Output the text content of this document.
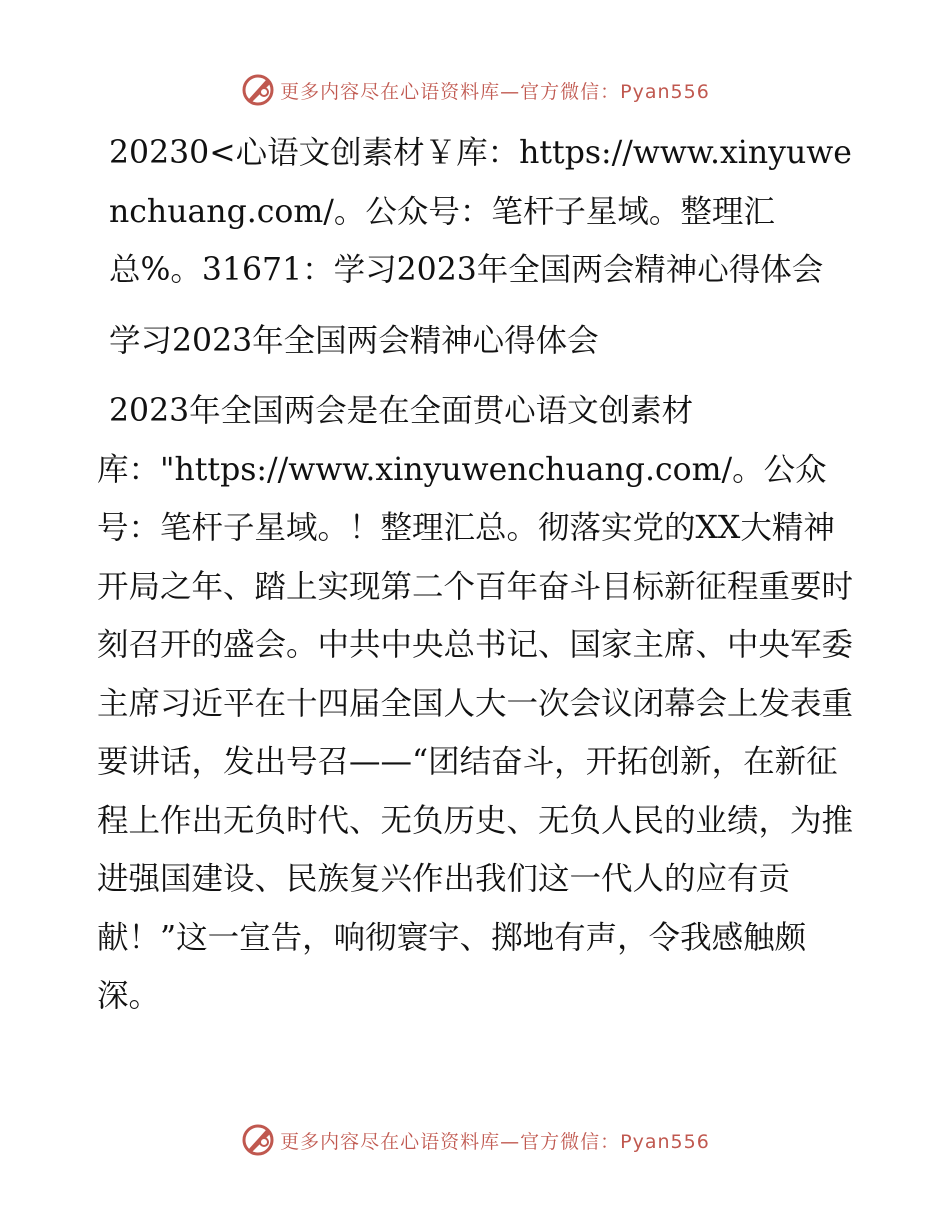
更多内容尽在心语资料库—官方微信：Pyan556

20230<心语文创素材￥库：https://www.xinyuwenchuang.com/。公众号：笔杆子星域。整理汇总%。31671：学习2023年全国两会精神心得体会

学习2023年全国两会精神心得体会

2023年全国两会是在全面贯心语文创素材

库："https://www.xinyuwenchuang.com/。公众号：笔杆子星域。！整理汇总。彻落实党的XX大精神开局之年、踏上实现第二个百年奋斗目标新征程重要时刻召开的盛会。中共中央总书记、国家主席、中央军委主席习近平在十四届全国人大一次会议闭幕会上发表重要讲话，发出号召——“团结奋斗，开拓创新，在新征程上作出无负时代、无负历史、无负人民的业绩，为推进强国建设、民族复兴作出我们这一代人的应有贡献！”这一宣告，响彻寰宇、掷地有声，令我感触颇深。

更多内容尽在心语资料库—官方微信：Pyan556
